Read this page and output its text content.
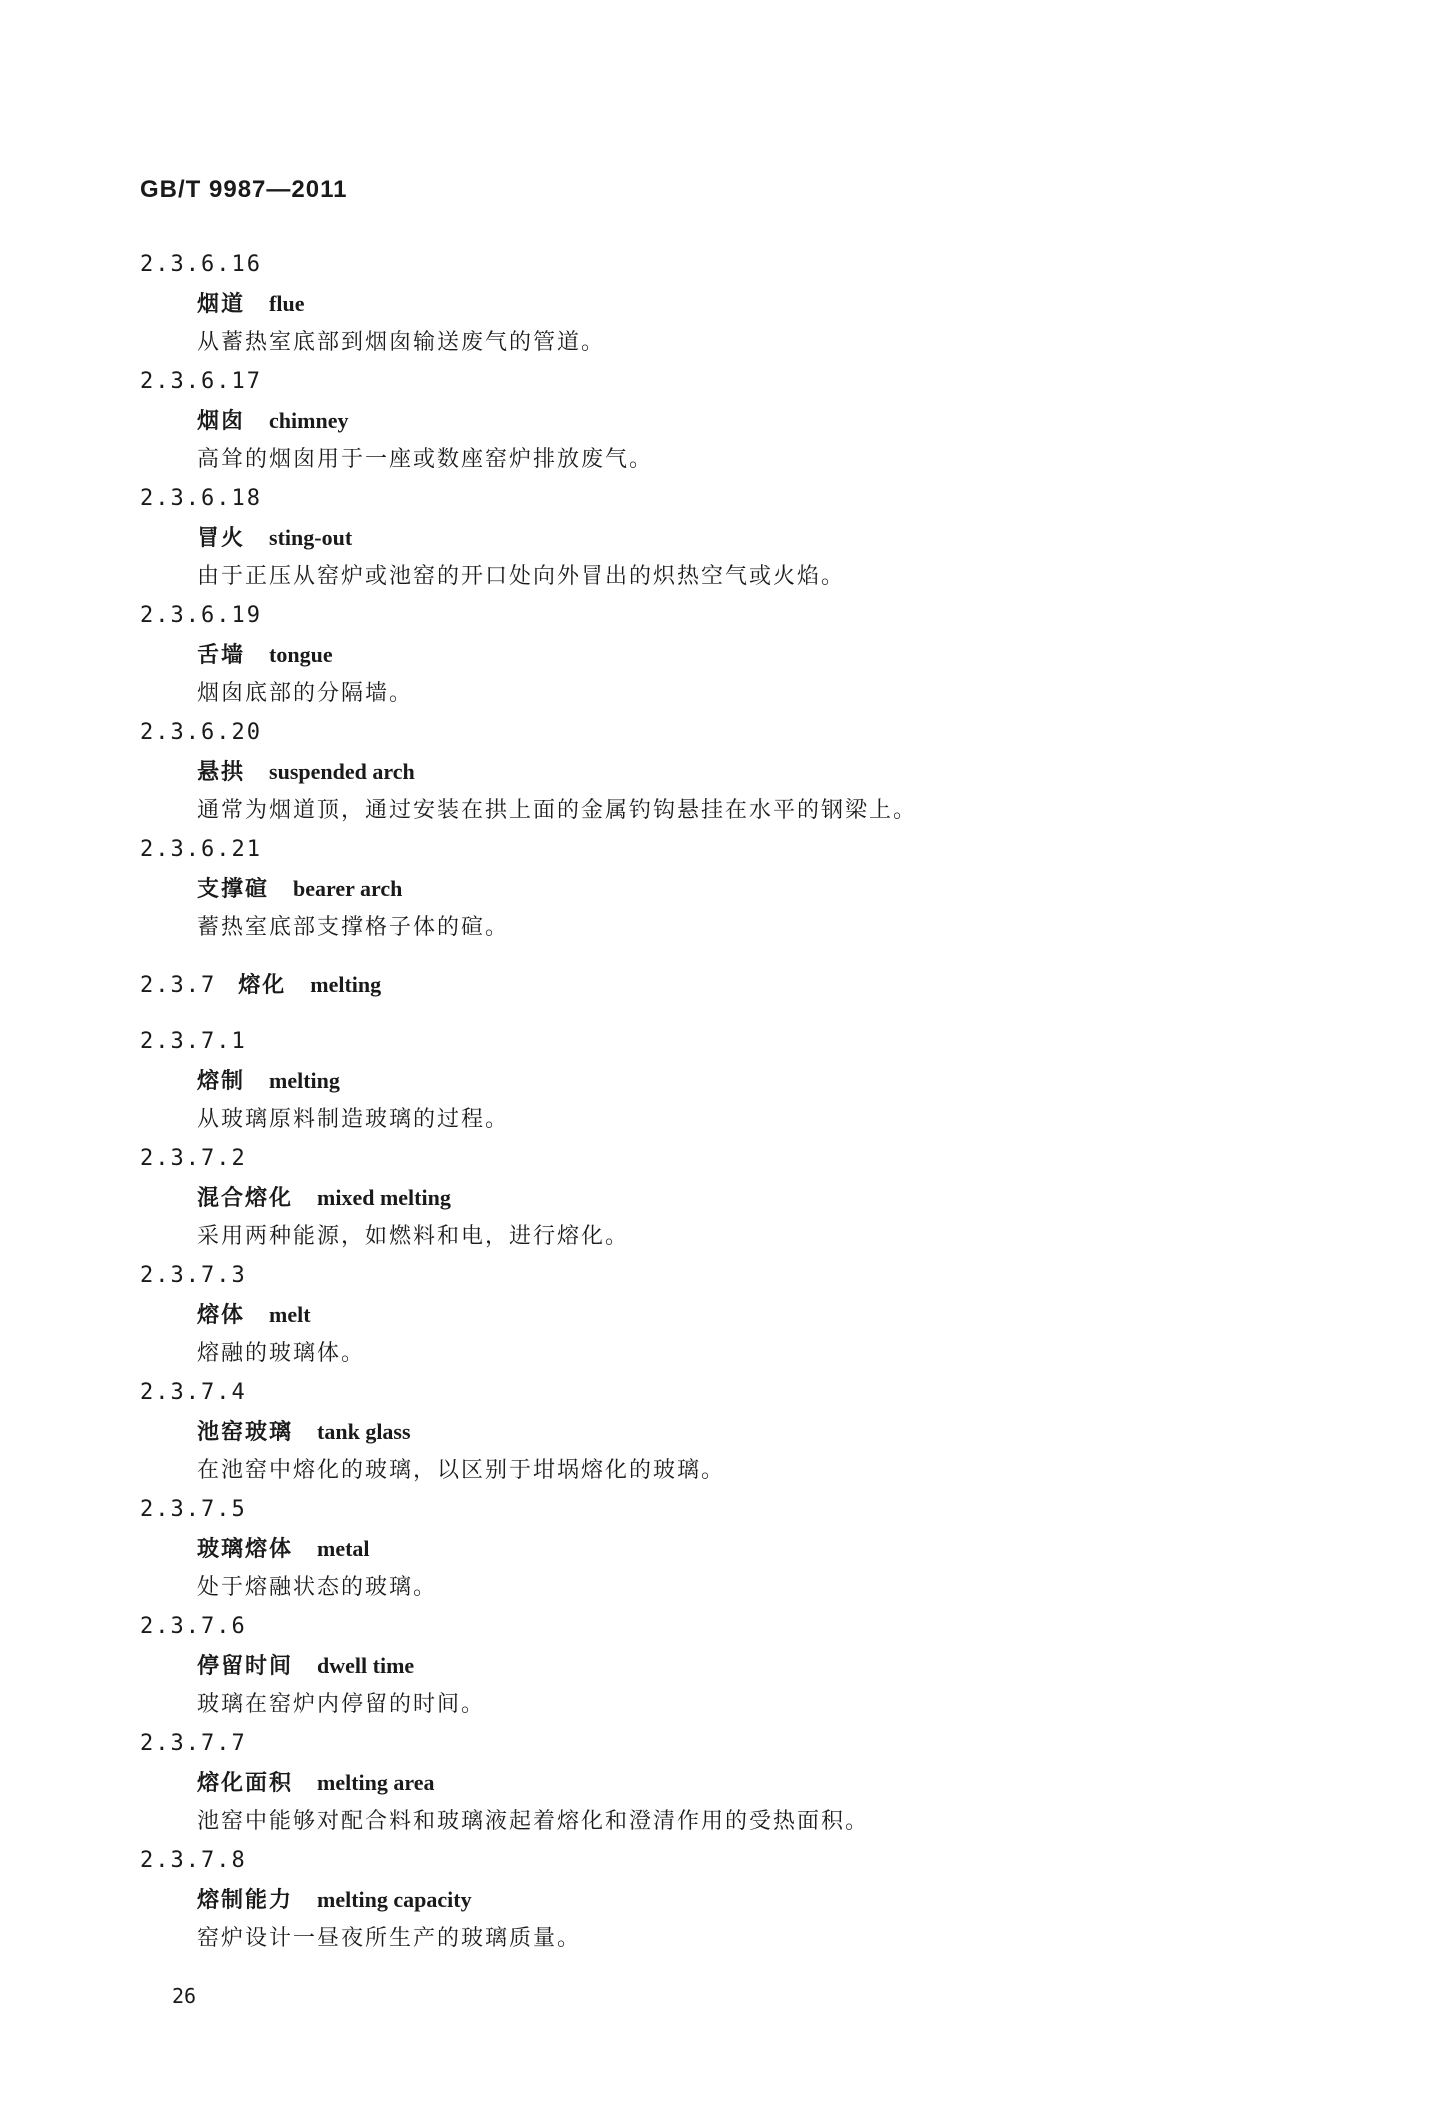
GB/T 9987—2011
2.3.6.16
烟道 flue
从蓄热室底部到烟囱输送废气的管道。
2.3.6.17
烟囱 chimney
高耸的烟囱用于一座或数座窑炉排放废气。
2.3.6.18
冒火 sting-out
由于正压从窑炉或池窑的开口处向外冒出的炽热空气或火焰。
2.3.6.19
舌墙 tongue
烟囱底部的分隔墙。
2.3.6.20
悬拱 suspended arch
通常为烟道顶，通过安装在拱上面的金属钓钩悬挂在水平的钢梁上。
2.3.6.21
支撑碹 bearer arch
蓄热室底部支撑格子体的碹。
2.3.7 熔化 melting
2.3.7.1
熔制 melting
从玻璃原料制造玻璃的过程。
2.3.7.2
混合熔化 mixed melting
采用两种能源，如燃料和电，进行熔化。
2.3.7.3
熔体 melt
熔融的玻璃体。
2.3.7.4
池窑玻璃 tank glass
在池窑中熔化的玻璃，以区别于坩埚熔化的玻璃。
2.3.7.5
玻璃熔体 metal
处于熔融状态的玻璃。
2.3.7.6
停留时间 dwell time
玻璃在窑炉内停留的时间。
2.3.7.7
熔化面积 melting area
池窑中能够对配合料和玻璃液起着熔化和澄清作用的受热面积。
2.3.7.8
熔制能力 melting capacity
窑炉设计一昼夜所生产的玻璃质量。
26
